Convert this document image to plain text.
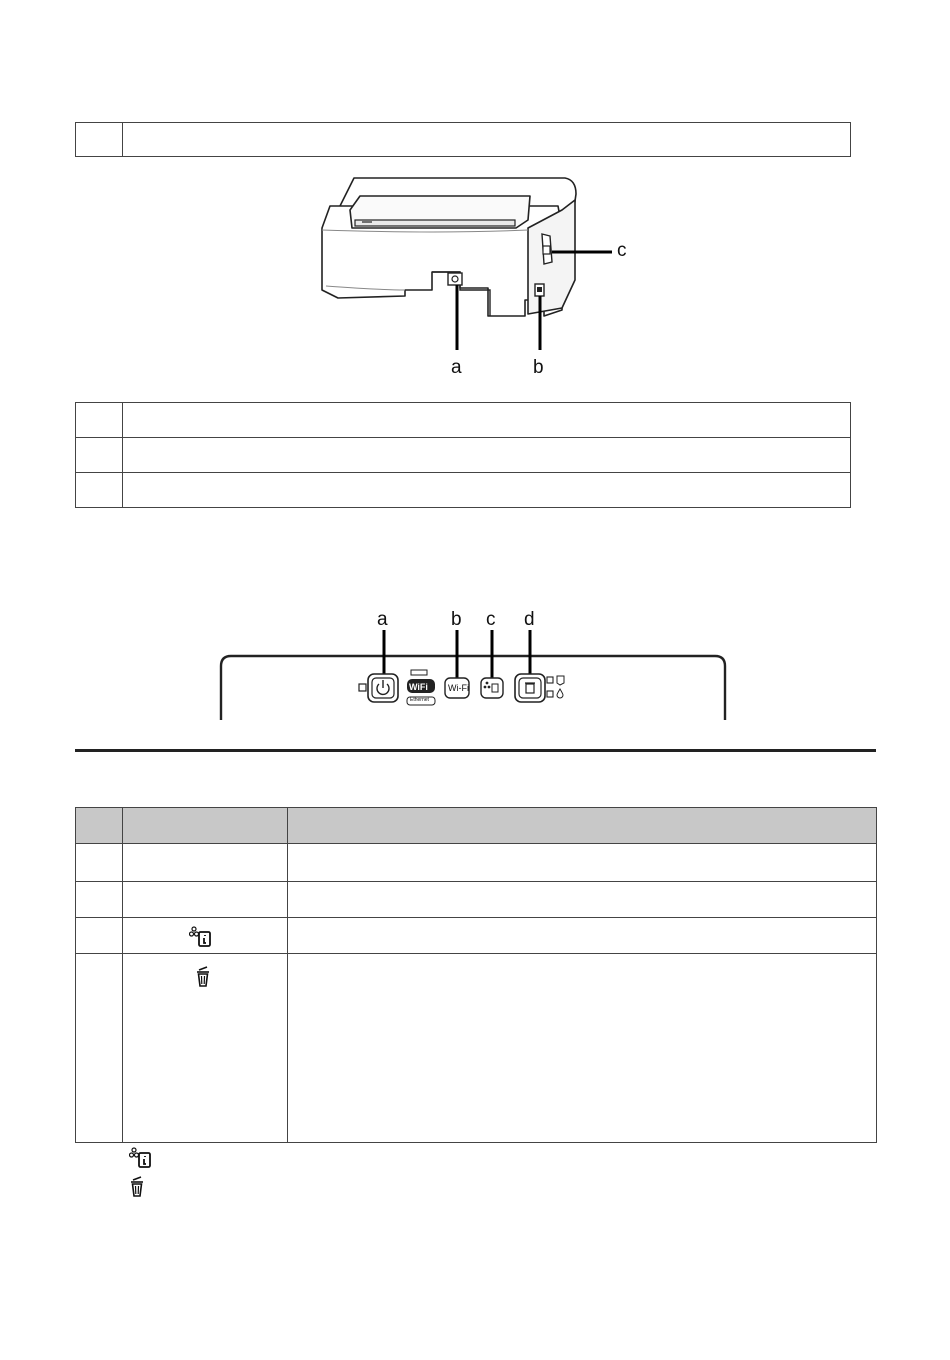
a	b
c

a	b c d
WiFi
Ethernet
Wi-Fi
